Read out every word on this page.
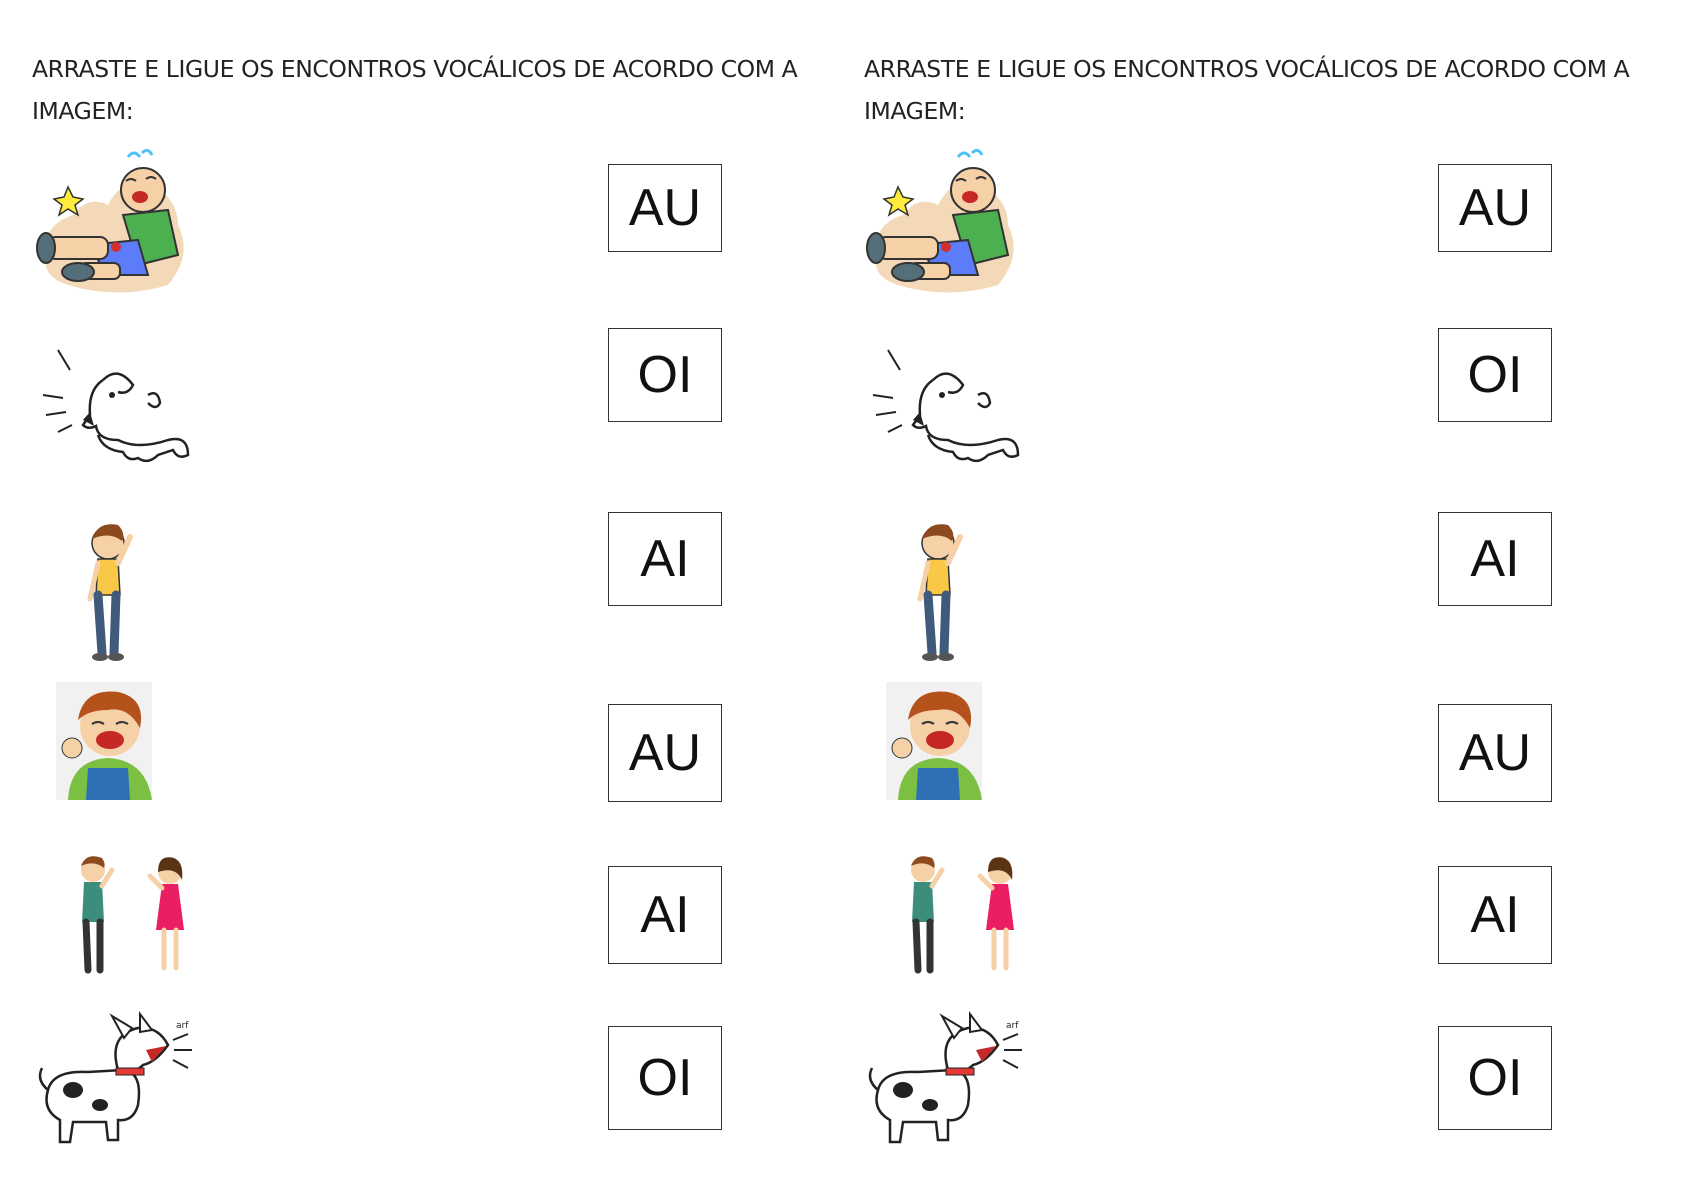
ARRASTE E LIGUE OS ENCONTROS VOCÁLICOS DE ACORDO COM A IMAGEM:
AU
OI
AI
AU
AI
arf
OI
ARRASTE E LIGUE OS ENCONTROS VOCÁLICOS DE ACORDO COM A IMAGEM:
AU
OI
AI
AU
AI
arf
OI
